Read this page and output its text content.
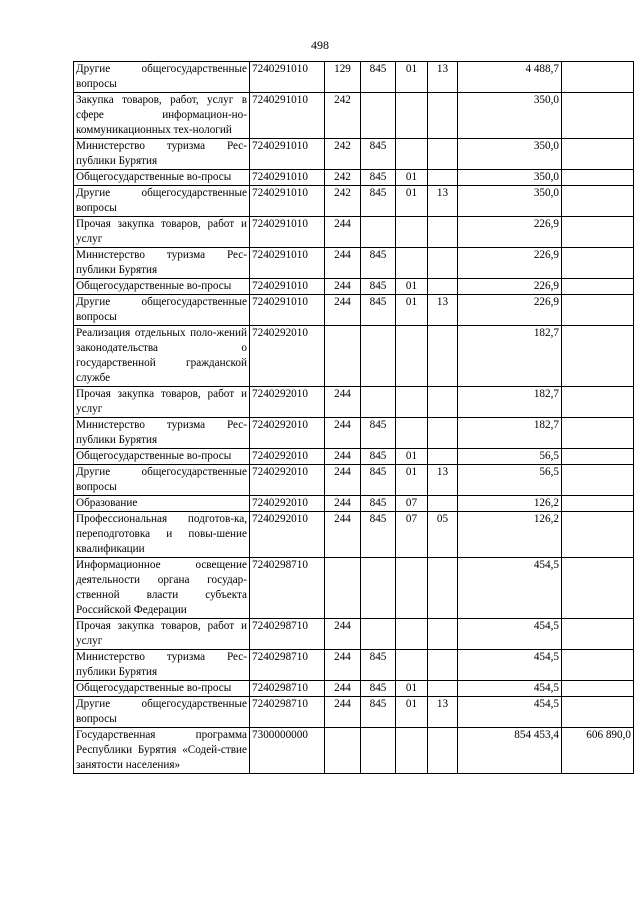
498
Другие общегосударственные вопросы	7240291010	129	845	01	13	4 488,7	
Закупка товаров, работ, услуг в сфере информацион-но-коммуникационных тех-нологий	7240291010	242				350,0	
Министерство туризма Рес-публики Бурятия	7240291010	242	845			350,0	
Общегосударственные во-просы	7240291010	242	845	01		350,0	
Другие общегосударственные вопросы	7240291010	242	845	01	13	350,0	
Прочая закупка товаров, работ и услуг	7240291010	244				226,9	
Министерство туризма Рес-публики Бурятия	7240291010	244	845			226,9	
Общегосударственные во-просы	7240291010	244	845	01		226,9	
Другие общегосударственные вопросы	7240291010	244	845	01	13	226,9	
Реализация отдельных поло-жений законодательства о государственной гражданской службе	7240292010					182,7	
Прочая закупка товаров, работ и услуг	7240292010	244				182,7	
Министерство туризма Рес-публики Бурятия	7240292010	244	845			182,7	
Общегосударственные во-просы	7240292010	244	845	01		56,5	
Другие общегосударственные вопросы	7240292010	244	845	01	13	56,5	
Образование	7240292010	244	845	07		126,2	
Профессиональная подготов-ка, переподготовка и повы-шение квалификации	7240292010	244	845	07	05	126,2	
Информационное освещение деятельности органа государ-ственной власти субъекта Российской Федерации	7240298710					454,5	
Прочая закупка товаров, работ и услуг	7240298710	244				454,5	
Министерство туризма Рес-публики Бурятия	7240298710	244	845			454,5	
Общегосударственные во-просы	7240298710	244	845	01		454,5	
Другие общегосударственные вопросы	7240298710	244	845	01	13	454,5	
Государственная программа Республики Бурятия «Содей-ствие занятости населения»	7300000000					854 453,4	606 890,0
